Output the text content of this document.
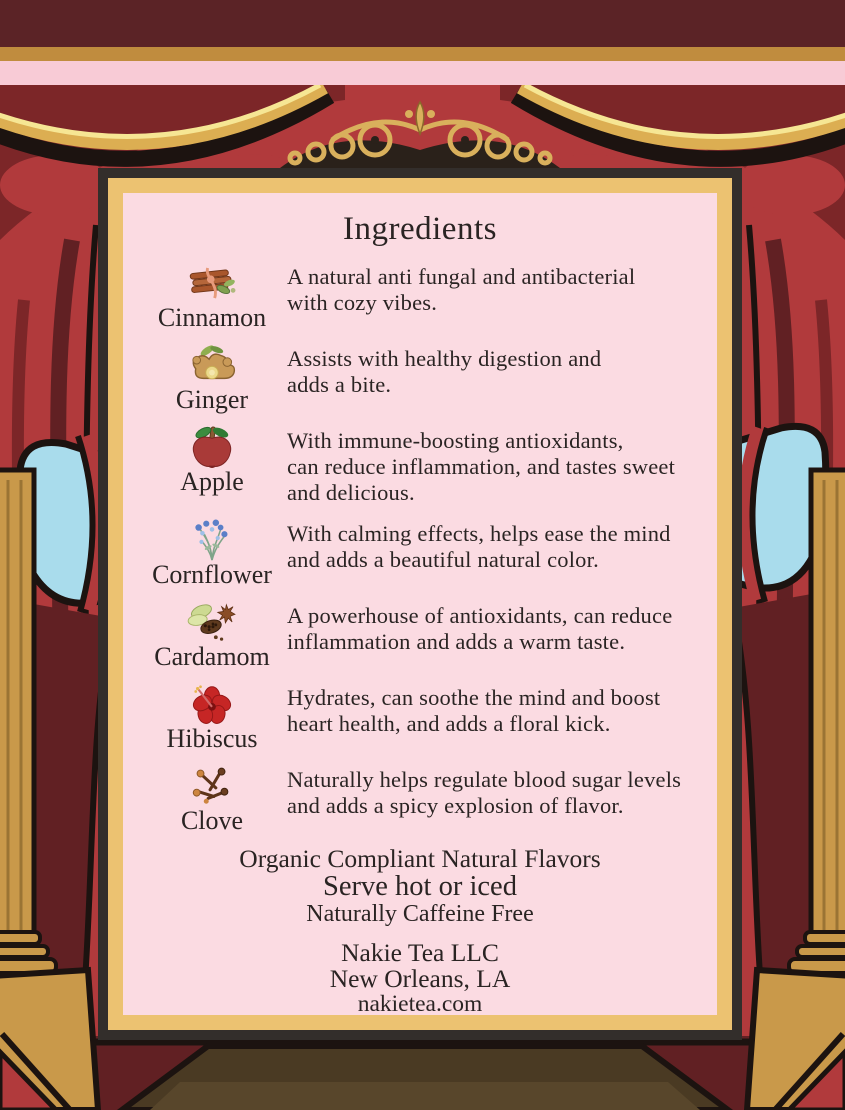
Ingredients
Cinnamon
A natural anti fungal and antibacterial
with cozy vibes.
Ginger
Assists with healthy digestion and
adds a bite.
Apple
With immune-boosting antioxidants,
can reduce inflammation, and tastes sweet
and delicious.
Cornflower
With calming effects, helps ease the mind
and adds a beautiful natural color.
Cardamom
A powerhouse of antioxidants, can reduce
inflammation and adds a warm taste.
Hibiscus
Hydrates, can soothe the mind and boost
heart health, and adds a floral kick.
Clove
Naturally helps regulate blood sugar levels
and adds a spicy explosion of flavor.
Organic Compliant Natural Flavors
Serve hot or iced
Naturally Caffeine Free
Nakie Tea LLC
New Orleans, LA
nakietea.com
